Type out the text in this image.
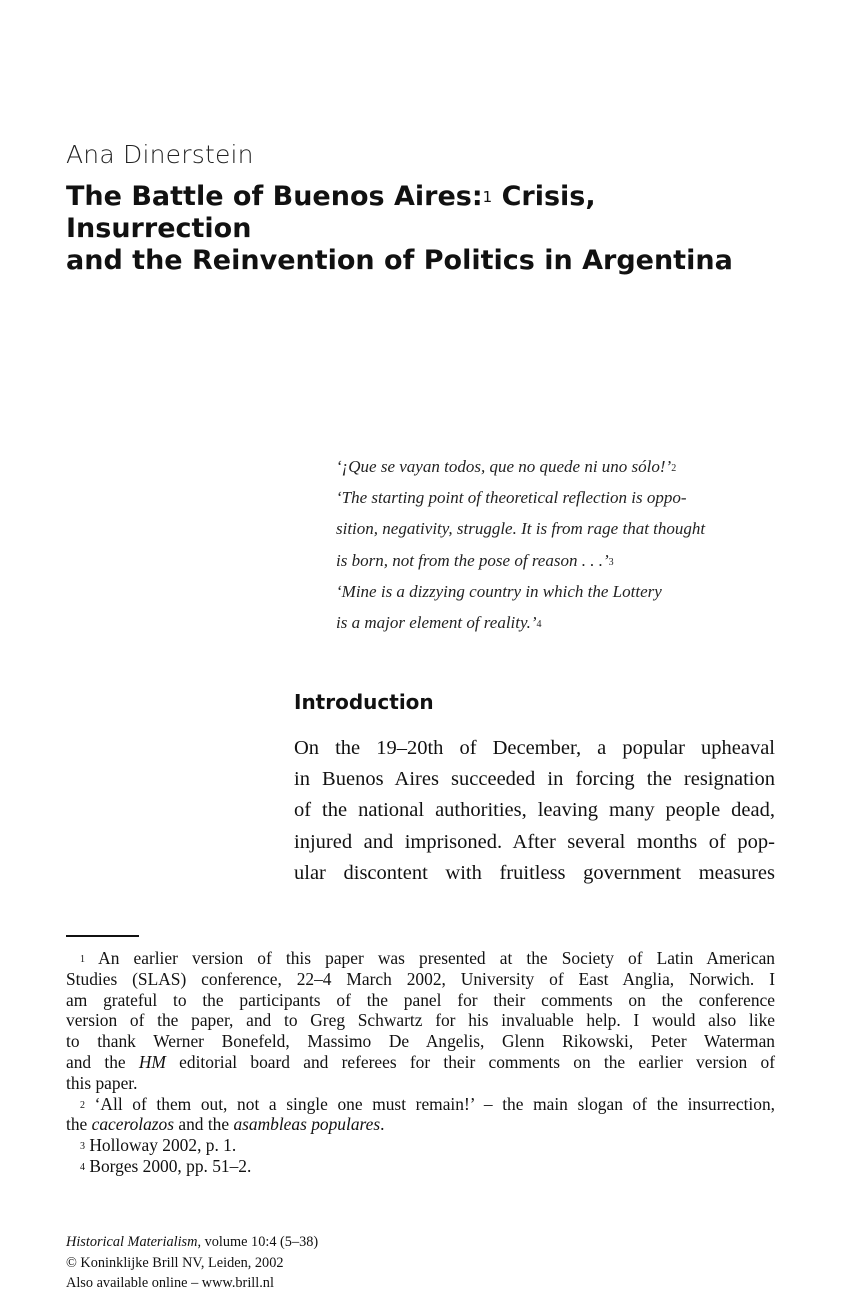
Ana Dinerstein
The Battle of Buenos Aires:$^1$ Crisis, Insurrection
and the Reinvention of Politics in Argentina
‘¡Que se vayan todos, que no quede ni uno sólo!’$^2$
‘The starting point of theoretical reflection is oppo-
sition, negativity, struggle. It is from rage that thought
is born, not from the pose of reason . . .’$^3$
‘Mine is a dizzying country in which the Lottery
is a major element of reality.’$^4$
Introduction
On the 19–20th of December, a popular upheaval
in Buenos Aires succeeded in forcing the resignation
of the national authorities, leaving many people dead,
injured and imprisoned. After several months of pop-
ular discontent with fruitless government measures
$^1$ An earlier version of this paper was presented at the Society of Latin American
Studies (SLAS) conference, 22–4 March 2002, University of East Anglia, Norwich. I
am grateful to the participants of the panel for their comments on the conference
version of the paper, and to Greg Schwartz for his invaluable help. I would also like
to thank Werner Bonefeld, Massimo De Angelis, Glenn Rikowski, Peter Waterman
and the HM editorial board and referees for their comments on the earlier version of
this paper.
$^2$ ‘All of them out, not a single one must remain!’ – the main slogan of the insurrection,
the cacerolazos and the asambleas populares.
$^3$ Holloway 2002, p. 1.
$^4$ Borges 2000, pp. 51–2.
Historical Materialism, volume 10:4 (5–38)
© Koninklijke Brill NV, Leiden, 2002
Also available online – www.brill.nl
